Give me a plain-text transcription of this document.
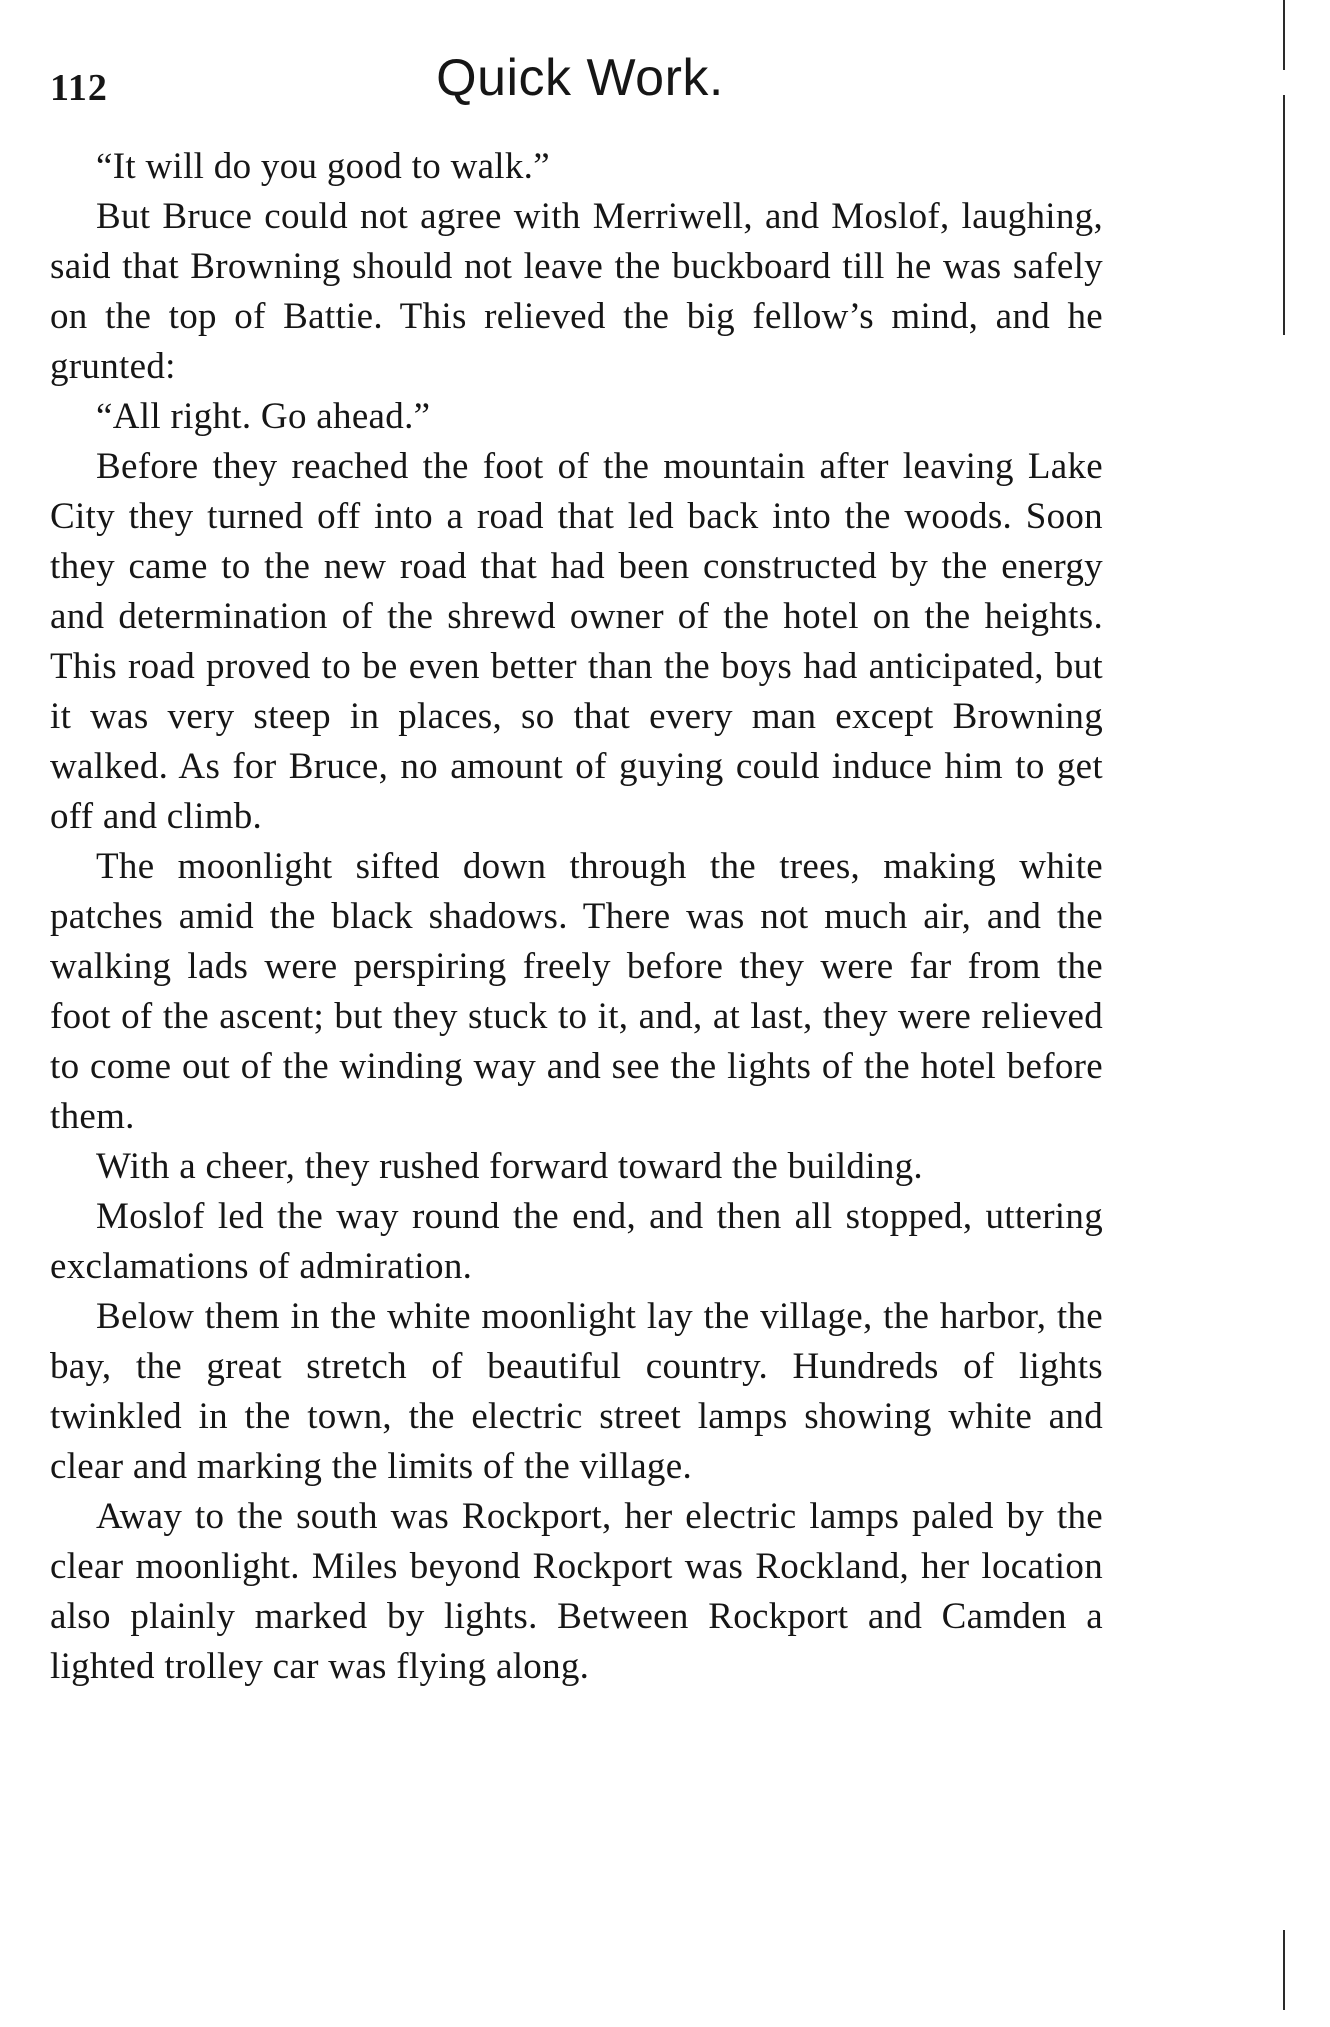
112	Quick Work.

“It will do you good to walk.”

But Bruce could not agree with Merriwell, and Moslof, laughing, said that Browning should not leave the buckboard till he was safely on the top of Battie. This relieved the big fellow’s mind, and he grunted:

“All right. Go ahead.”

Before they reached the foot of the mountain after leaving Lake City they turned off into a road that led back into the woods. Soon they came to the new road that had been constructed by the energy and determination of the shrewd owner of the hotel on the heights. This road proved to be even better than the boys had anticipated, but it was very steep in places, so that every man except Browning walked. As for Bruce, no amount of guying could induce him to get off and climb.

The moonlight sifted down through the trees, making white patches amid the black shadows. There was not much air, and the walking lads were perspiring freely before they were far from the foot of the ascent; but they stuck to it, and, at last, they were relieved to come out of the winding way and see the lights of the hotel before them.

With a cheer, they rushed forward toward the building.

Moslof led the way round the end, and then all stopped, uttering exclamations of admiration.

Below them in the white moonlight lay the village, the harbor, the bay, the great stretch of beautiful country. Hundreds of lights twinkled in the town, the electric street lamps showing white and clear and marking the limits of the village.

Away to the south was Rockport, her electric lamps paled by the clear moonlight. Miles beyond Rockport was Rockland, her location also plainly marked by lights. Between Rockport and Camden a lighted trolley car was flying along.
